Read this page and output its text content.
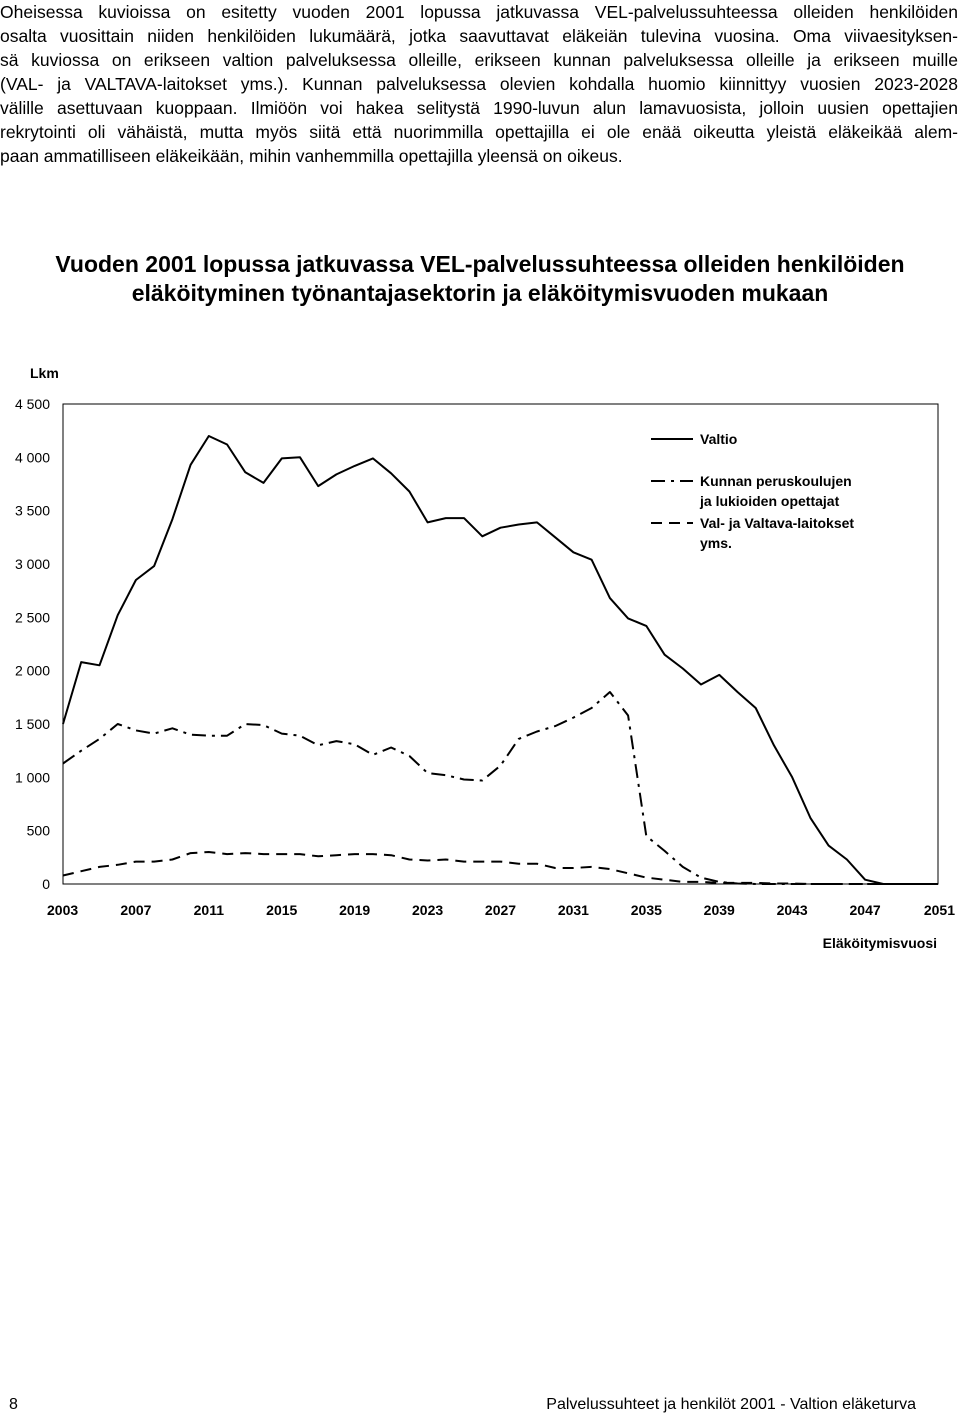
Oheisessa kuvioissa on esitetty vuoden 2001 lopussa jatkuvassa VEL-palvelussuhteessa olleiden henkilöiden
osalta vuosittain niiden henkilöiden lukumäärä, jotka saavuttavat eläkeiän tulevina vuosina. Oma viivaesityksen-
sä kuviossa on erikseen valtion palveluksessa olleille, erikseen kunnan palveluksessa olleille ja erikseen muille
(VAL- ja VALTAVA-laitokset yms.). Kunnan palveluksessa olevien kohdalla huomio kiinnittyy vuosien 2023-2028
välille asettuvaan kuoppaan. Ilmiöön voi hakea selitystä 1990-luvun alun lamavuosista, jolloin uusien opettajien
rekrytointi oli vähäistä, mutta myös siitä että nuorimmilla opettajilla ei ole enää oikeutta yleistä eläkeikää alem-
paan ammatilliseen eläkeikään, mihin vanhemmilla opettajilla yleensä on oikeus.
Vuoden 2001 lopussa jatkuvassa VEL-palvelussuhteessa olleiden henkilöiden
eläköityminen työnantajasektorin ja eläköitymisvuoden mukaan
Lkm
Eläköitymisvuosi
0
500
1 000
1 500
2 000
2 500
3 000
3 500
4 000
4 500
2003	2007	2011	2015	2019	2023	2027	2031	2035	2039	2043	2047	2051
Valtio
Kunnan peruskoulujen ja lukioiden opettajat
Val- ja Valtava-laitokset yms.
8	Palvelussuhteet ja henkilöt 2001 - Valtion eläketurva
